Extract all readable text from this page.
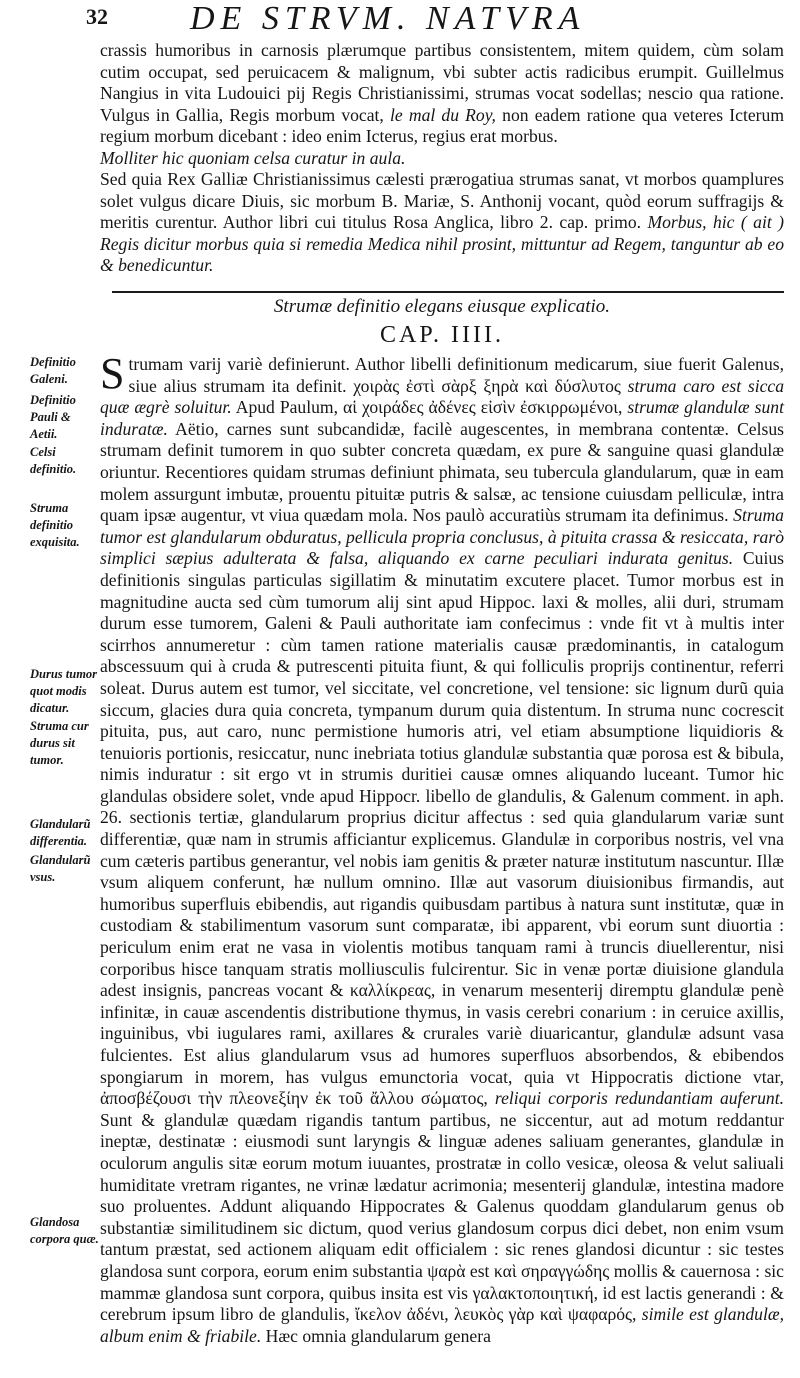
32 DE STRVM. NATVRA

crassis humoribus in carnosis plærumque partibus consistentem, mitem quidem, cùm solam cutim occupat, sed peruicacem & malignum, vbi subter actis radicibus erumpit. Guillelmus Nangius in vita Ludouici pij Regis Christianissimi, strumas vocat sodellas; nescio qua ratione. Vulgus in Gallia, Regis morbum vocat, le mal du Roy, non eadem ratione qua veteres Icterum regium morbum dicebant : ideo enim Icterus, regius erat morbus.

Molliter hic quoniam celsa curatur in aula.

Sed quia Rex Galliæ Christianissimus cælesti prærogatiua strumas sanat, vt morbos quamplures solet vulgus dicare Diuis, sic morbum B. Mariæ, S. Anthonij vocant, quòd eorum suffragijs & meritis curentur. Author libri cui titulus Rosa Anglica, libro 2. cap. primo. Morbus, hic ( ait ) Regis dicitur morbus quia si remedia Medica nihil prosint, mittuntur ad Regem, tanguntur ab eo & benedicuntur.

Strumæ definitio elegans eiusque explicatio.
CAP. IIII.
Definitio Galeni.
Definitio Pauli & Aetii.
Celsi definitio.
Struma definitio exquisita.
Durus tumor quot modis dicatur.
Struma cur durus sit tumor.
Glandularũ differentia.
Glandularũ vsus.
Glandosa corpora quæ.

Strumam varij variè definierunt. Author libelli definitionum medicarum, siue fuerit Galenus, siue alius strumam ita definit. χοιρὰς ἐστὶ σὰρξ ξηρὰ καὶ δύσλυτος struma caro est sicca quæ ægrè soluitur. Apud Paulum, αἱ χοιράδες ἀδένες εἰσὶν ἐσκιρρωμένοι, strumæ glandulæ sunt induratæ. Aëtio, carnes sunt subcandidæ, facilè augescentes, in membrana contentæ. Celsus strumam definit tumorem in quo subter concreta quædam, ex pure & sanguine quasi glandulæ oriuntur. Recentiores quidam strumas definiunt phimata, seu tubercula glandularum, quæ in eam molem assurgunt imbutæ, prouentu pituitæ putris & salsæ, ac tensione cuiusdam pelliculæ, intra quam ipsæ augentur, vt viua quædam mola. Nos paulò accuratiùs strumam ita definimus. Struma tumor est glandularum obduratus, pellicula propria conclusus, à pituita crassa & resiccata, rarò simplici sæpius adulterata & falsa, aliquando ex carne peculiari indurata genitus. Cuius definitionis singulas particulas sigillatim & minutatim excutere placet. Tumor morbus est in magnitudine aucta sed cùm tumorum alij sint apud Hippoc. laxi & molles, alii duri, strumam durum esse tumorem, Galeni & Pauli authoritate iam confecimus : vnde fit vt à multis inter scirrhos annumeretur : cùm tamen ratione materialis causæ prædominantis, in catalogum abscessuum qui à cruda & putrescenti pituita fiunt, & qui folliculis proprijs continentur, referri soleat. Durus autem est tumor, vel siccitate, vel concretione, vel tensione: sic lignum durũ quia siccum, glacies dura quia concreta, tympanum durum quia distentum. In struma nunc cocrescit pituita, pus, aut caro, nunc permistione humoris atri, vel etiam absumptione liquidioris & tenuioris portionis, resiccatur, nunc inebriata totius glandulæ substantia quæ porosa est & bibula, nimis induratur : sit ergo vt in strumis duritiei causæ omnes aliquando luceant. Tumor hic glandulas obsidere solet, vnde apud Hippocr. libello de glandulis, & Galenum comment. in aph. 26. sectionis tertiæ, glandularum proprius dicitur affectus : sed quia glandularum variæ sunt differentiæ, quæ nam in strumis afficiantur explicemus. Glandulæ in corporibus nostris, vel vna cum cæteris partibus generantur, vel nobis iam genitis & præter naturæ institutum nascuntur. Illæ vsum aliquem conferunt, hæ nullum omnino. Illæ aut vasorum diuisionibus firmandis, aut humoribus superfluis ebibendis, aut rigandis quibusdam partibus à natura sunt institutæ, quæ in custodiam & stabilimentum vasorum sunt comparatæ, ibi apparent, vbi eorum sunt diuortia : periculum enim erat ne vasa in violentis motibus tanquam rami à truncis diuellerentur, nisi corporibus hisce tanquam stratis molliusculis fulcirentur. Sic in venæ portæ diuisione glandula adest insignis, pancreas vocant & καλλίκρεας, in venarum mesenterij diremptu glandulæ penè infinitæ, in cauæ ascendentis distributione thymus, in vasis cerebri conarium : in ceruice axillis, inguinibus, vbi iugulares rami, axillares & crurales variè diuaricantur, glandulæ adsunt vasa fulcientes. Est alius glandularum vsus ad humores superfluos absorbendos, & ebibendos spongiarum in morem, has vulgus emunctoria vocat, quia vt Hippocratis dictione vtar, ἀποσβέζουσι τὴν πλεονεξίην ἐκ τοῦ ἄλλου σώματος, reliqui corporis redundantiam auferunt. Sunt & glandulæ quædam rigandis tantum partibus, ne siccentur, aut ad motum reddantur ineptæ, destinatæ : eiusmodi sunt laryngis & linguæ adenes saliuam generantes, glandulæ in oculorum angulis sitæ eorum motum iuuantes, prostratæ in collo vesicæ, oleosa & velut saliuali humiditate vretram rigantes, ne vrinæ lædatur acrimonia; mesenterij glandulæ, intestina madore suo proluentes. Addunt aliquando Hippocrates & Galenus quoddam glandularum genus ob substantiæ similitudinem sic dictum, quod verius glandosum corpus dici debet, non enim vsum tantum præstat, sed actionem aliquam edit officialem : sic renes glandosi dicuntur : sic testes glandosa sunt corpora, eorum enim substantia ψαρὰ est καὶ σηραγγώδης mollis & cauernosa : sic mammæ glandosa sunt corpora, quibus insita est vis γαλακτοποιητική, id est lactis generandi : & cerebrum ipsum libro de glandulis, ἴκελον ἀδένι, λευκὸς γὰρ καὶ ψαφαρός, simile est glandulæ, album enim & friabile. Hæc omnia glandularum genera
